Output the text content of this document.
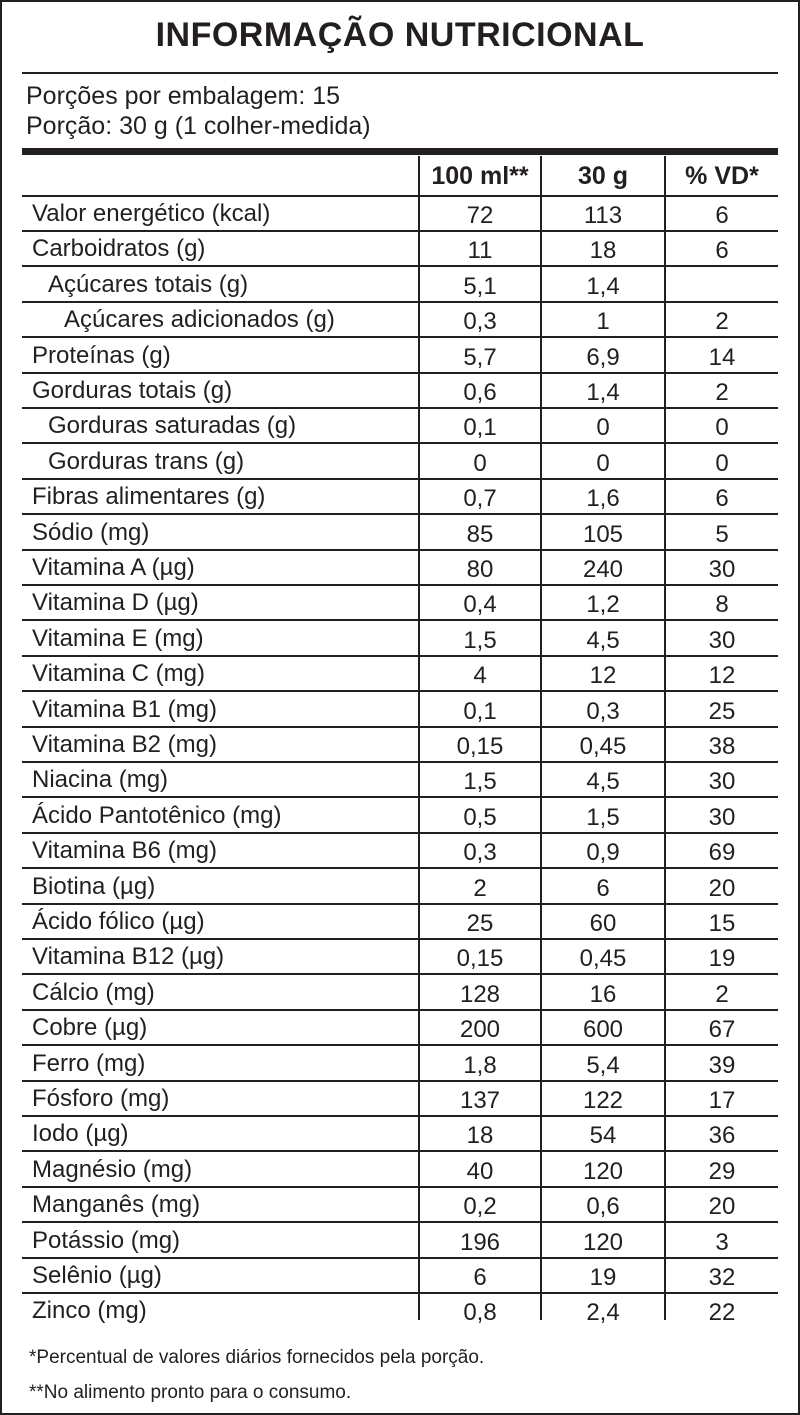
INFORMAÇÃO NUTRICIONAL
Porções por embalagem: 15
Porção: 30 g (1 colher-medida)
100 ml**	30 g	% VD*
Valor energético (kcal)	72	113	6
Carboidratos (g)	11	18	6
Açúcares totais (g)	5,1	1,4
Açúcares adicionados (g)	0,3	1	2
Proteínas (g)	5,7	6,9	14
Gorduras totais (g)	0,6	1,4	2
Gorduras saturadas (g)	0,1	0	0
Gorduras trans (g)	0	0	0
Fibras alimentares (g)	0,7	1,6	6
Sódio (mg)	85	105	5
Vitamina A (µg)	80	240	30
Vitamina D (µg)	0,4	1,2	8
Vitamina E (mg)	1,5	4,5	30
Vitamina C (mg)	4	12	12
Vitamina B1 (mg)	0,1	0,3	25
Vitamina B2 (mg)	0,15	0,45	38
Niacina (mg)	1,5	4,5	30
Ácido Pantotênico (mg)	0,5	1,5	30
Vitamina B6 (mg)	0,3	0,9	69
Biotina (µg)	2	6	20
Ácido fólico (µg)	25	60	15
Vitamina B12 (µg)	0,15	0,45	19
Cálcio (mg)	128	16	2
Cobre (µg)	200	600	67
Ferro (mg)	1,8	5,4	39
Fósforo (mg)	137	122	17
Iodo (µg)	18	54	36
Magnésio (mg)	40	120	29
Manganês (mg)	0,2	0,6	20
Potássio (mg)	196	120	3
Selênio (µg)	6	19	32
Zinco (mg)	0,8	2,4	22
*Percentual de valores diários fornecidos pela porção.
**No alimento pronto para o consumo.
